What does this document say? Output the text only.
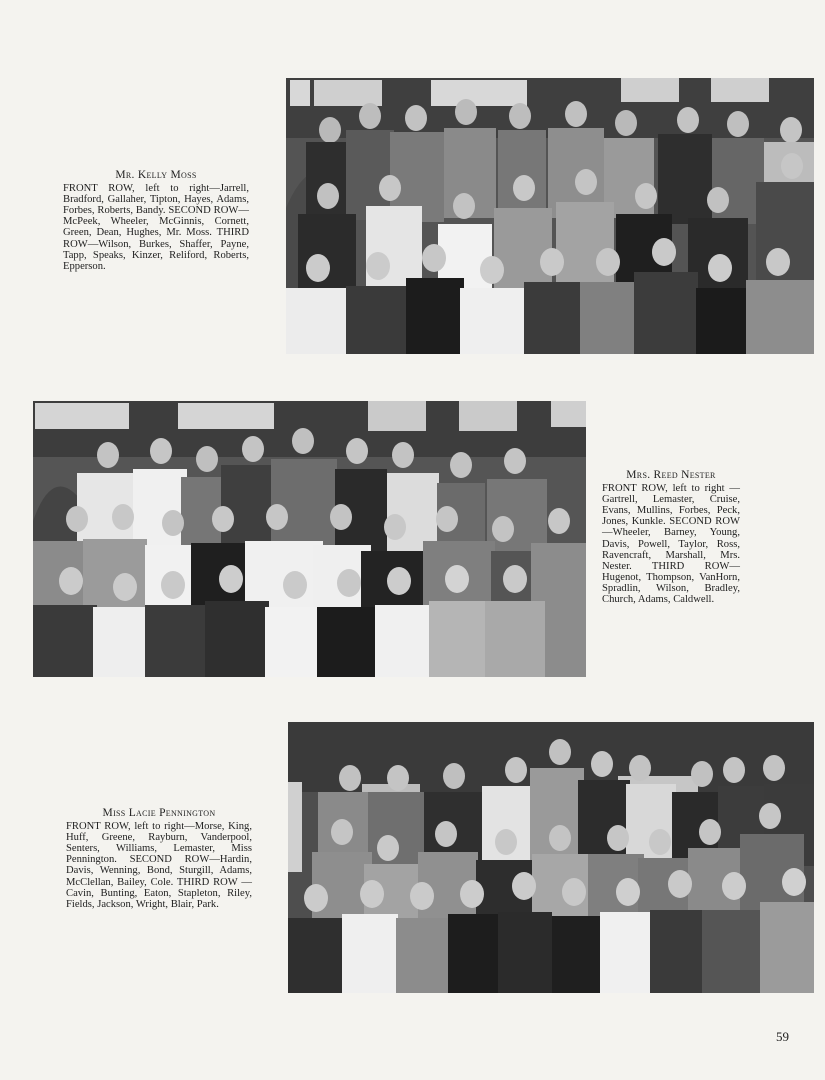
Mr. Kelly Moss
FRONT ROW, left to right—Jarrell, Bradford, Gallaher, Tipton, Hayes, Adams, Forbes, Roberts, Bandy. SECOND ROW— McPeek, Wheeler, McGinnis, Cornett, Green, Dean, Hughes, Mr. Moss. THIRD ROW—Wilson, Burkes, Shaffer, Payne, Tapp, Speaks, Kinzer, Reliford, Roberts, Epperson.
Mrs. Reed Nester
FRONT ROW, left to right —Gartrell, Lemaster, Cruise, Evans, Mullins, Forbes, Peck, Jones, Kunkle. SECOND ROW—Wheeler, Barney, Young, Davis, Powell, Taylor, Ross, Ravencraft, Marshall, Mrs. Nester. THIRD ROW— Hugenot, Thompson, VanHorn, Spradlin, Wilson, Bradley, Church, Adams, Caldwell.
Miss Lacie Pennington
FRONT ROW, left to right—Morse, King, Huff, Greene, Rayburn, Vanderpool, Senters, Williams, Lemaster, Miss Pennington. SECOND ROW—Hardin, Davis, Wenning, Bond, Sturgill, Adams, McClellan, Bailey, Cole. THIRD ROW —Cavin, Bunting, Eaton, Stapleton, Riley, Fields, Jackson, Wright, Blair, Park.
59
